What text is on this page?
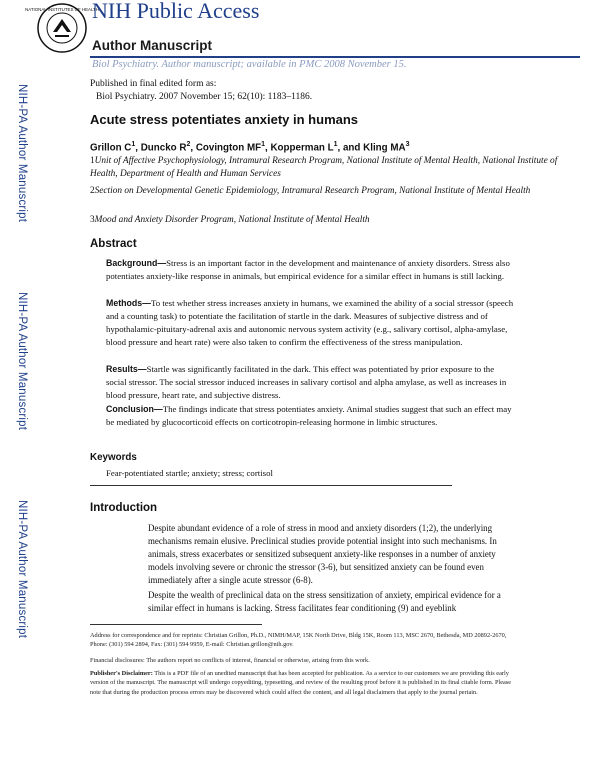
NATIONAL INSTITUTES OF HEALTH
NIH Public Access
Author Manuscript
Biol Psychiatry. Author manuscript; available in PMC 2008 November 15.
NIH-PA Author Manuscript
NIH-PA Author Manuscript
NIH-PA Author Manuscript
Published in final edited form as:
Biol Psychiatry. 2007 November 15; 62(10): 1183–1186.
Acute stress potentiates anxiety in humans
Grillon $C^1$, Duncko $R^2$, Covington $MF^1$, Kopperman $L^1$, and Kling $MA^3$
1Unit of Affective Psychophysiology, Intramural Research Program, National Institute of Mental Health, National Institute of Health, Department of Health and Human Services
2Section on Developmental Genetic Epidemiology, Intramural Research Program, National Institute of Mental Health
3Mood and Anxiety Disorder Program, National Institute of Mental Health
Abstract
Background—Stress is an important factor in the development and maintenance of anxiety disorders. Stress also potentiates anxiety-like response in animals, but empirical evidence for a similar effect in humans is still lacking.
Methods—To test whether stress increases anxiety in humans, we examined the ability of a social stressor (speech and a counting task) to potentiate the facilitation of startle in the dark. Measures of subjective distress and of hypothalamic-pituitary-adrenal axis and autonomic nervous system activity (e.g., salivary cortisol, alpha-amylase, blood pressure and heart rate) were also taken to confirm the effectiveness of the stress manipulation.
Results—Startle was significantly facilitated in the dark. This effect was potentiated by prior exposure to the social stressor. The social stressor induced increases in salivary cortisol and alpha amylase, as well as increases in blood pressure, heart rate, and subjective distress.
Conclusion—The findings indicate that stress potentiates anxiety. Animal studies suggest that such an effect may be mediated by glucocorticoid effects on corticotropin-releasing hormone in limbic structures.
Keywords
Fear-potentiated startle; anxiety; stress; cortisol
Introduction
Despite abundant evidence of a role of stress in mood and anxiety disorders (1;2), the underlying mechanisms remain elusive. Preclinical studies provide potential insight into such mechanisms. In animals, stress exacerbates or sensitized subsequent anxiety-like responses in a number of anxiety models involving severe or chronic the stressor (3-6), but sensitized anxiety can be found even immediately after a single acute stressor (6-8).
Despite the wealth of preclinical data on the stress sensitization of anxiety, empirical evidence for a similar effect in humans is lacking. Stress facilitates fear conditioning (9) and eyeblink
Address for correspondence and for reprints: Christian Grillon, Ph.D., NIMH/MAP, 15K North Drive, Bldg 15K, Room 113, MSC 2670, Bethesda, MD 20892-2670, Phone: (301) 594 2894, Fax: (301) 594 9959, E-mail: Christian.grillon@nih.gov.
Financial disclosures: The authors report no conflicts of interest, financial or otherwise, arising from this work.
Publisher's Disclaimer: This is a PDF file of an unedited manuscript that has been accepted for publication. As a service to our customers we are providing this early version of the manuscript. The manuscript will undergo copyediting, typesetting, and review of the resulting proof before it is published in its final citable form. Please note that during the production process errors may be discovered which could affect the content, and all legal disclaimers that apply to the journal pertain.
